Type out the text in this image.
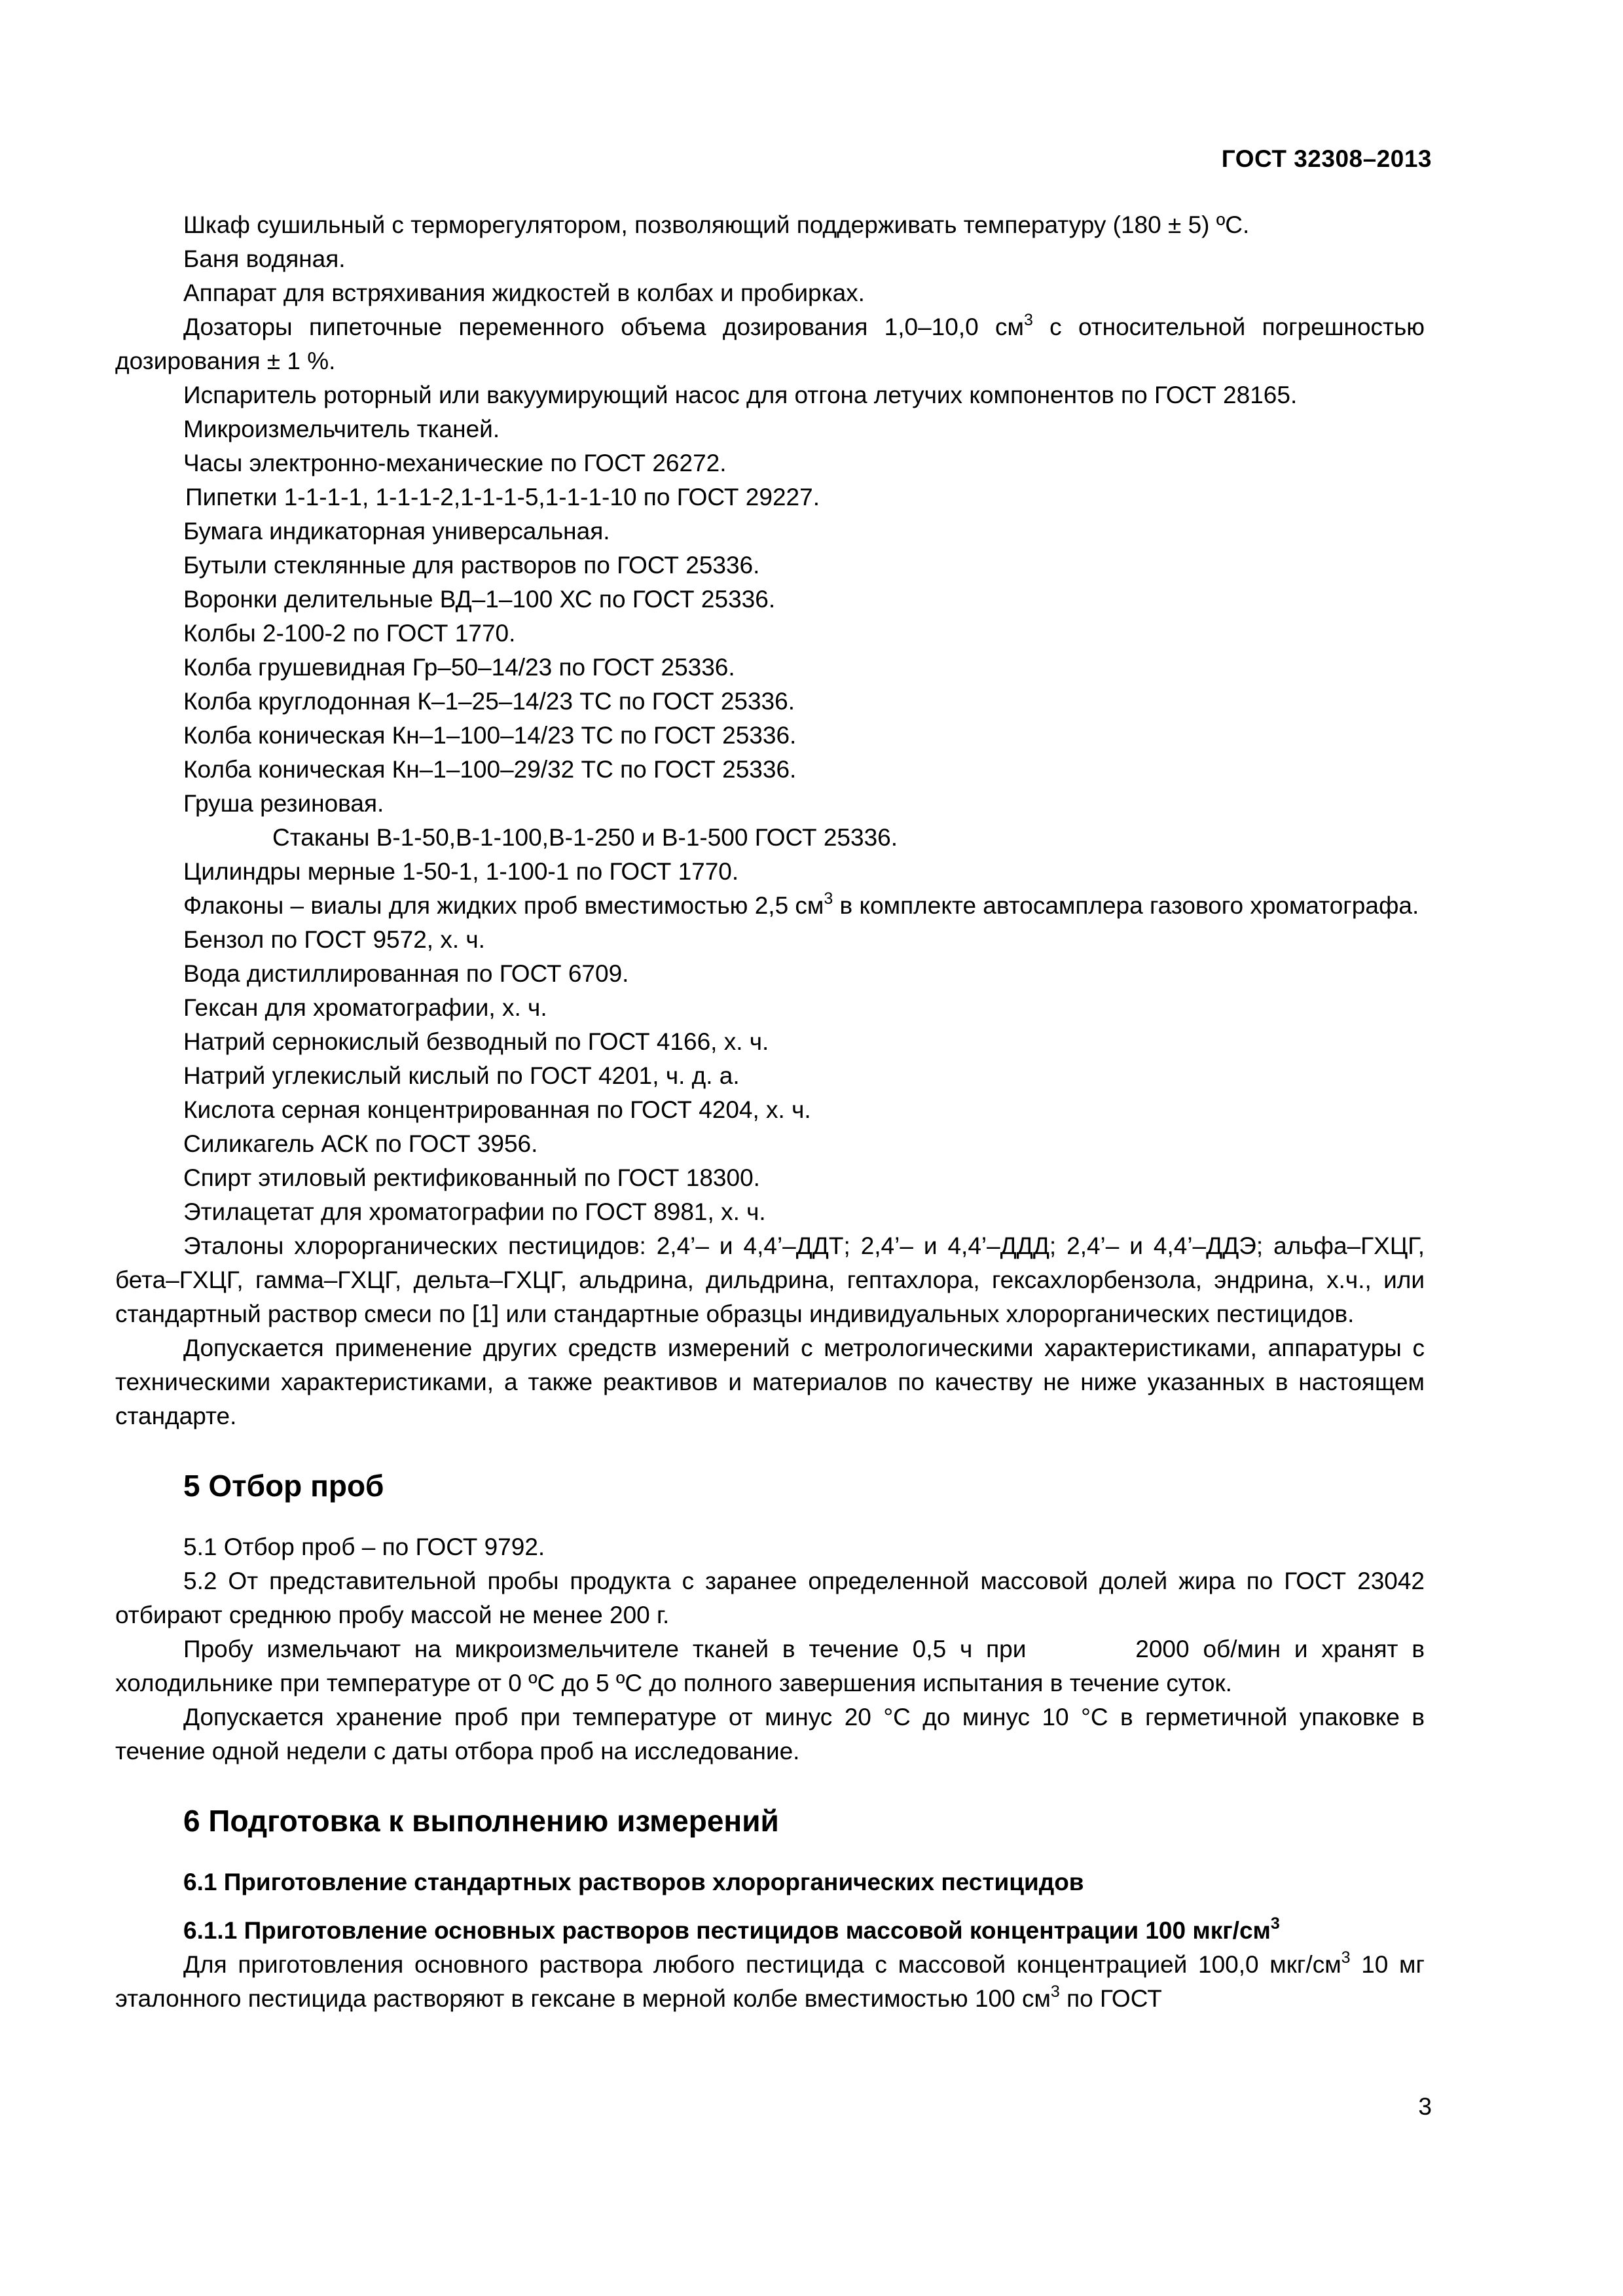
ГОСТ 32308–2013
Шкаф сушильный с терморегулятором, позволяющий поддерживать температуру (180 ± 5) ºС.
Баня водяная.
Аппарат для встряхивания жидкостей в колбах и пробирках.
Дозаторы пипеточные переменного объема дозирования 1,0–10,0 $см^3$ с относительной погрешностью дозирования ± 1 %.
Испаритель роторный или вакуумирующий насос для отгона летучих компонентов по ГОСТ 28165.
Микроизмельчитель тканей.
Часы электронно-механические по ГОСТ 26272.
Пипетки 1-1-1-1, 1-1-1-2,1-1-1-5,1-1-1-10 по ГОСТ 29227.
Бумага индикаторная универсальная.
Бутыли стеклянные для растворов по ГОСТ 25336.
Воронки делительные ВД–1–100 ХС по ГОСТ 25336.
Колбы 2-100-2 по ГОСТ 1770.
Колба грушевидная Гр–50–14/23 по ГОСТ 25336.
Колба круглодонная К–1–25–14/23 ТС по ГОСТ 25336.
Колба коническая Кн–1–100–14/23 ТС по ГОСТ 25336.
Колба коническая Кн–1–100–29/32 ТС по ГОСТ 25336.
Груша резиновая.
Стаканы В-1-50,В-1-100,В-1-250 и В-1-500 ГОСТ 25336.
Цилиндры мерные 1-50-1, 1-100-1 по ГОСТ 1770.
Флаконы – виалы для жидких проб вместимостью 2,5 $см^3$ в комплекте автосамплера газового хроматографа.
Бензол по ГОСТ 9572, х. ч.
Вода дистиллированная по ГОСТ 6709.
Гексан для хроматографии, х. ч.
Натрий сернокислый безводный по ГОСТ 4166, х. ч.
Натрий углекислый кислый по ГОСТ 4201, ч. д. а.
Кислота серная концентрированная по ГОСТ 4204, х. ч.
Силикагель АСК по ГОСТ 3956.
Спирт этиловый ректификованный по ГОСТ 18300.
Этилацетат для хроматографии по ГОСТ 8981, х. ч.
Эталоны хлорорганических пестицидов: 2,4’– и 4,4’–ДДТ; 2,4’– и 4,4’–ДДД; 2,4’– и 4,4’–ДДЭ; альфа–ГХЦГ, бета–ГХЦГ, гамма–ГХЦГ, дельта–ГХЦГ, альдрина, дильдрина, гептахлора, гексахлорбензола, эндрина, х.ч., или стандартный раствор смеси по [1] или стандартные образцы индивидуальных хлорорганических пестицидов.
Допускается применение других средств измерений с метрологическими характеристиками, аппаратуры с техническими характеристиками, а также реактивов и материалов по качеству не ниже указанных в настоящем стандарте.
5 Отбор проб
5.1 Отбор проб – по ГОСТ 9792.
5.2 От представительной пробы продукта с заранее определенной массовой долей жира по ГОСТ 23042 отбирают среднюю пробу массой не менее 200 г.
Пробу измельчают на микроизмельчителе тканей в течение 0,5 ч при        2000 об/мин и хранят в холодильнике при температуре от 0 ºС до 5 ºС до полного завершения испытания в течение суток.
Допускается хранение проб при температуре от минус 20 °С до минус 10 °С в герметичной упаковке в течение одной недели с даты отбора проб на исследование.
6 Подготовка к выполнению измерений
6.1 Приготовление стандартных растворов хлорорганических пестицидов
6.1.1 Приготовление основных растворов пестицидов массовой концентрации 100 мкг/$см^3$
Для приготовления основного раствора любого пестицида с массовой концентрацией 100,0 мкг/$см^3$ 10 мг эталонного пестицида растворяют в гексане в мерной колбе вместимостью 100 $см^3$ по ГОСТ
3
